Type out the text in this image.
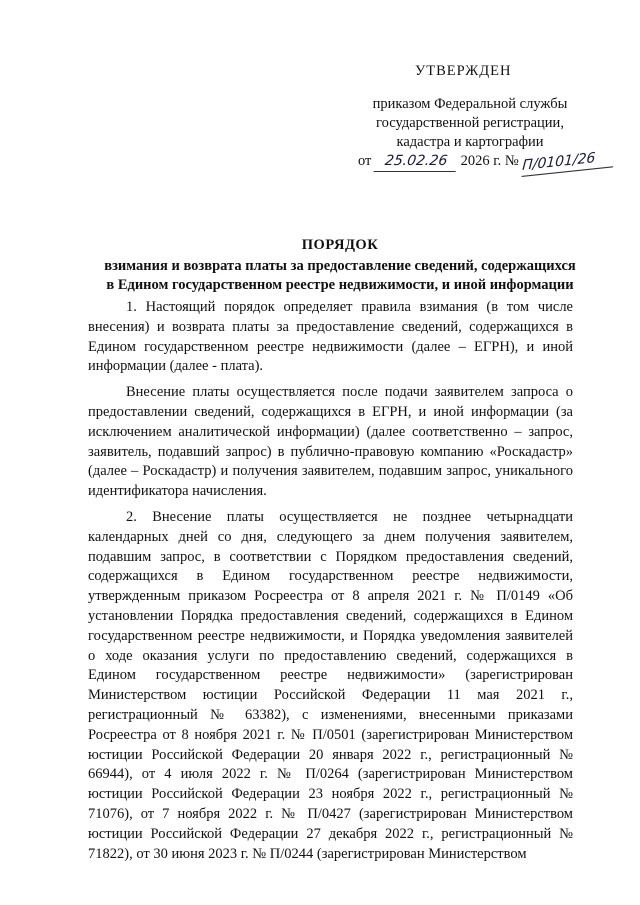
УТВЕРЖДЕН
приказом Федеральной службы
государственной регистрации,
кадастра и картографии
от 25.02.26 2026 г. № П/0101/26
ПОРЯДОК
взимания и возврата платы за предоставление сведений, содержащихся
в Едином государственном реестре недвижимости, и иной информации

1. Настоящий порядок определяет правила взимания (в том числе внесения) и возврата платы за предоставление сведений, содержащихся в Едином государственном реестре недвижимости (далее – ЕГРН), и иной информации (далее - плата).

Внесение платы осуществляется после подачи заявителем запроса о предоставлении сведений, содержащихся в ЕГРН, и иной информации (за исключением аналитической информации) (далее соответственно – запрос, заявитель, подавший запрос) в публично-правовую компанию «Роскадастр» (далее – Роскадастр) и получения заявителем, подавшим запрос, уникального идентификатора начисления.

2. Внесение платы осуществляется не позднее четырнадцати календарных дней со дня, следующего за днем получения заявителем, подавшим запрос, в соответствии с Порядком предоставления сведений, содержащихся в Едином государственном реестре недвижимости, утвержденным приказом Росреестра от 8 апреля 2021 г. № П/0149 «Об установлении Порядка предоставления сведений, содержащихся в Едином государственном реестре недвижимости, и Порядка уведомления заявителей о ходе оказания услуги по предоставлению сведений, содержащихся в Едином государственном реестре недвижимости» (зарегистрирован Министерством юстиции Российской Федерации 11 мая 2021 г., регистрационный № 63382), с изменениями, внесенными приказами Росреестра от 8 ноября 2021 г. № П/0501 (зарегистрирован Министерством юстиции Российской Федерации 20 января 2022 г., регистрационный № 66944), от 4 июля 2022 г. № П/0264 (зарегистрирован Министерством юстиции Российской Федерации 23 ноября 2022 г., регистрационный № 71076), от 7 ноября 2022 г. № П/0427 (зарегистрирован Министерством юстиции Российской Федерации 27 декабря 2022 г., регистрационный № 71822), от 30 июня 2023 г. № П/0244 (зарегистрирован Министерством
